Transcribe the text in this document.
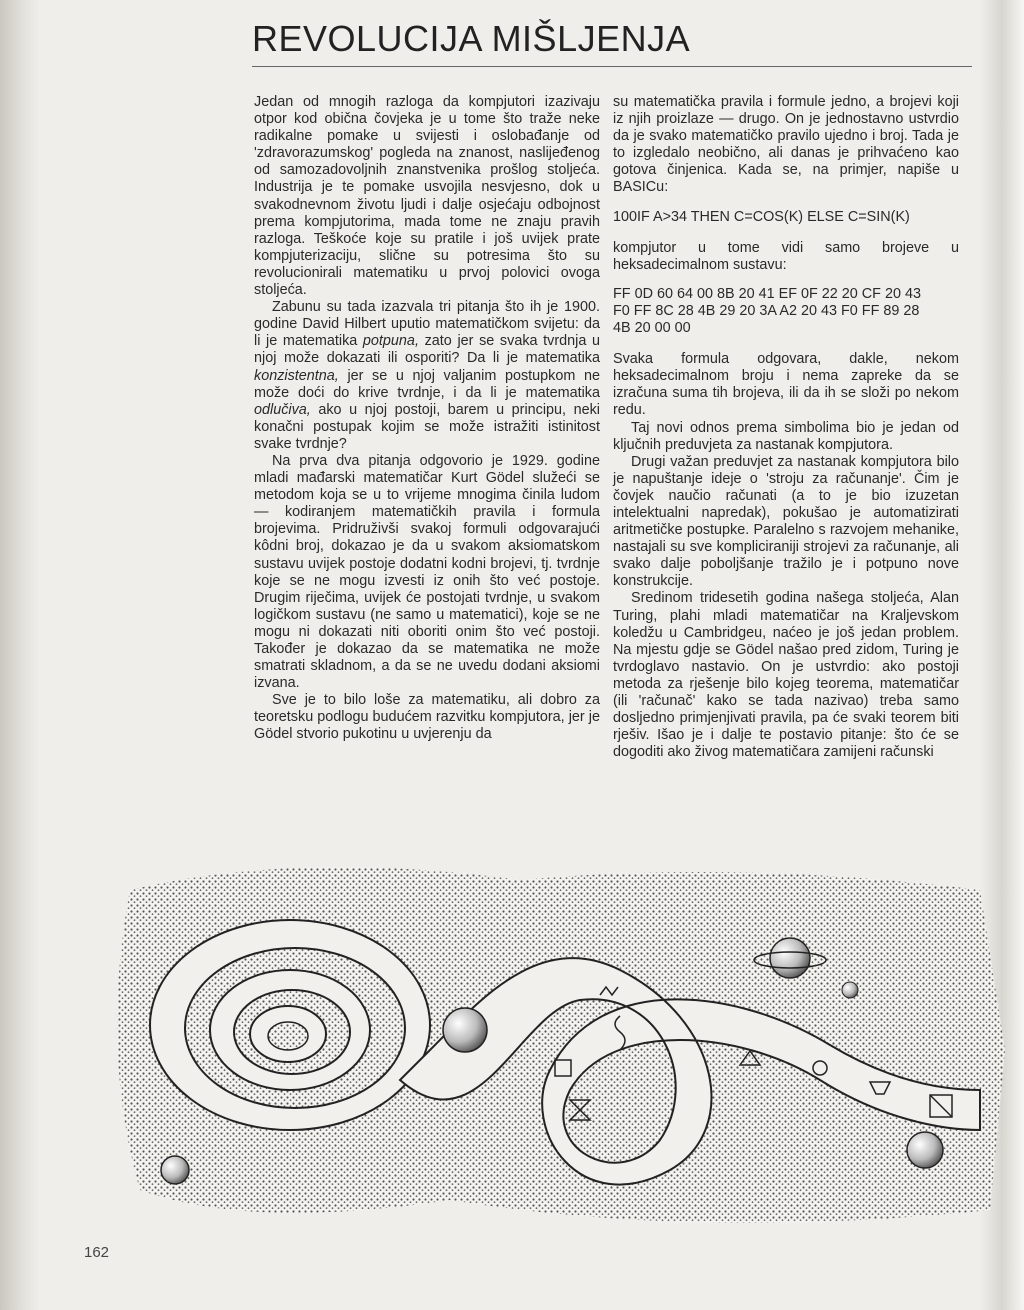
REVOLUCIJA MIŠLJENJA

Jedan od mnogih razloga da kompjutori izazivaju otpor kod obična čovjeka je u tome što traže neke radikalne pomake u svijesti i oslobađanje od 'zdravorazumskog' pogleda na znanost, naslijeđenog od samozadovoljnih znanstvenika prošlog stoljeća. Industrija je te pomake usvojila nesvjesno, dok u svakodnevnom životu ljudi i dalje osjećaju odbojnost prema kompjutorima, mada tome ne znaju pravih razloga. Teškoće koje su pratile i još uvijek prate kompjuterizaciju, slične su potresima što su revolucionirali matematiku u prvoj polovici ovoga stoljeća.

Zabunu su tada izazvala tri pitanja što ih je 1900. godine David Hilbert uputio matematičkom svijetu: da li je matematika potpuna, zato jer se svaka tvrdnja u njoj može dokazati ili osporiti? Da li je matematika konzistentna, jer se u njoj valjanim postupkom ne može doći do krive tvrdnje, i da li je matematika odlučiva, ako u njoj postoji, barem u principu, neki konačni postupak kojim se može istražiti istinitost svake tvrdnje?

Na prva dva pitanja odgovorio je 1929. godine mladi mađarski matematičar Kurt Gödel služeći se metodom koja se u to vrijeme mnogima činila ludom — kodiranjem matematičkih pravila i formula brojevima. Pridruživši svakoj formuli odgovarajući kôdni broj, dokazao je da u svakom aksiomatskom sustavu uvijek postoje dodatni kodni brojevi, tj. tvrdnje koje se ne mogu izvesti iz onih što već postoje. Drugim riječima, uvijek će postojati tvrdnje, u svakom logičkom sustavu (ne samo u matematici), koje se ne mogu ni dokazati niti oboriti onim što već postoji. Također je dokazao da se matematika ne može smatrati skladnom, a da se ne uvedu dodani aksiomi izvana.

Sve je to bilo loše za matematiku, ali dobro za teoretsku podlogu budućem razvitku kompjutora, jer je Gödel stvorio pukotinu u uvjerenju da

su matematička pravila i formule jedno, a brojevi koji iz njih proizlaze — drugo. On je jednostavno ustvrdio da je svako matematičko pravilo ujedno i broj. Tada je to izgledalo neobično, ali danas je prihvaćeno kao gotova činjenica. Kada se, na primjer, napiše u BASICu:

100IF A>34 THEN C=COS(K) ELSE C=SIN(K)

kompjutor u tome vidi samo brojeve u heksadecimalnom sustavu:

FF 0D 60 64 00 8B 20 41 EF 0F 22 20 CF 20 43
F0 FF 8C 28 4B 29 20 3A A2 20 43 F0 FF 89 28
4B 20 00 00

Svaka formula odgovara, dakle, nekom heksadecimalnom broju i nema zapreke da se izračuna suma tih brojeva, ili da ih se složi po nekom redu.

Taj novi odnos prema simbolima bio je jedan od ključnih preduvjeta za nastanak kompjutora.

Drugi važan preduvjet za nastanak kompjutora bilo je napuštanje ideje o 'stroju za računanje'. Čim je čovjek naučio računati (a to je bio izuzetan intelektualni napredak), pokušao je automatizirati aritmetičke postupke. Paralelno s razvojem mehanike, nastajali su sve kompliciraniji strojevi za računanje, ali svako dalje poboljšanje tražilo je i potpuno nove konstrukcije.

Sredinom tridesetih godina našega stoljeća, Alan Turing, plahi mladi matematičar na Kraljevskom koledžu u Cambridgeu, naćeo je još jedan problem. Na mjestu gdje se Gödel našao pred zidom, Turing je tvrdoglavo nastavio. On je ustvrdio: ako postoji metoda za rješenje bilo kojeg teorema, matematičar (ili 'računač' kako se tada nazivao) treba samo dosljedno primjenjivati pravila, pa će svaki teorem biti rješiv. Išao je i dalje te postavio pitanje: što će se dogoditi ako živog matematičara zamijeni računski

162
